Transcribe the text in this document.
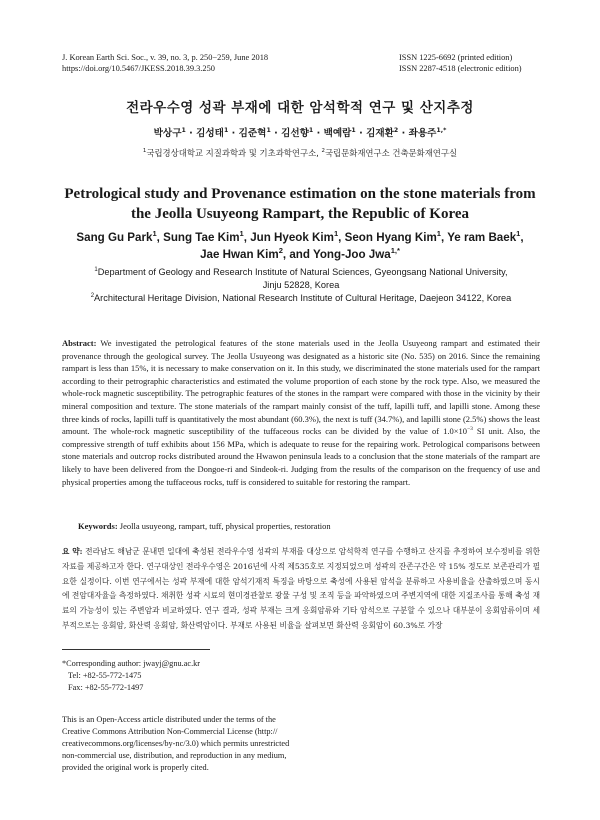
J. Korean Earth Sci. Soc., v. 39, no. 3, p. 250−259, June 2018
https://doi.org/10.5467/JKESS.2018.39.3.250
ISSN 1225-6692 (printed edition)
ISSN 2287-4518 (electronic edition)
전라우수영 성곽 부재에 대한 암석학적 연구 및 산지추정
박상구$^1$ · 김성태$^1$ · 김준혁$^1$ · 김선향$^1$ · 백예람$^1$ · 김재환$^2$ · 좌용주$^{1,*}$
$^1$국립경상대학교 지질과학과 및 기초과학연구소, $^2$국립문화재연구소 건축문화재연구실
Petrological study and Provenance estimation on the stone materials from
the Jeolla Usuyeong Rampart, the Republic of Korea
Sang Gu Park$^1$, Sung Tae Kim$^1$, Jun Hyeok Kim$^1$, Seon Hyang Kim$^1$, Ye ram Baek$^1$,
Jae Hwan Kim$^2$, and Yong-Joo Jwa$^{1,*}$
$^1$Department of Geology and Research Institute of Natural Sciences, Gyeongsang National University,
Jinju 52828, Korea
$^2$Architectural Heritage Division, National Research Institute of Cultural Heritage, Daejeon 34122, Korea
Abstract: We investigated the petrological features of the stone materials used in the Jeolla Usuyeong rampart and estimated their provenance through the geological survey. The Jeolla Usuyeong was designated as a historic site (No. 535) on 2016. Since the remaining rampart is less than 15%, it is necessary to make conservation on it. In this study, we discriminated the stone materials used for the rampart according to their petrographic characteristics and estimated the volume proportion of each stone by the rock type. Also, we measured the whole-rock magnetic susceptibility. The petrographic features of the stones in the rampart were compared with those in the vicinity by their mineral composition and texture. The stone materials of the rampart mainly consist of the tuff, lapilli tuff, and lapilli stone. Among these three kinds of rocks, lapilli tuff is quantitatively the most abundant (60.3%), the next is tuff (34.7%), and lapilli stone (2.5%) shows the least amount. The whole-rock magnetic susceptibility of the tuffaceous rocks can be divided by the value of $1.0\times 10^{-3}$ SI unit. Also, the compressive strength of tuff exhibits about 156 MPa, which is adequate to reuse for the repairing work. Petrological comparisons between stone materials and outcrop rocks distributed around the Hwawon peninsula leads to a conclusion that the stone materials of the rampart are likely to have been delivered from the Dongoe-ri and Sindeok-ri. Judging from the results of the comparison on the frequency of use and physical properties among the tuffaceous rocks, tuff is considered to suitable for restoring the rampart.
Keywords: Jeolla usuyeong, rampart, tuff, physical properties, restoration
요 약: 전라남도 해남군 문내면 일대에 축성된 전라우수영 성곽의 부재를 대상으로 암석학적 연구를 수행하고 산지를 추정하여 보수정비를 위한 자료를 제공하고자 한다. 연구대상인 전라우수영은 2016년에 사적 제535호로 지정되었으며 성곽의 잔존구간은 약 15% 정도로 보존관리가 필요한 실정이다. 이번 연구에서는 성곽 부재에 대한 암석기재적 특징을 바탕으로 축성에 사용된 암석을 분류하고 사용비율을 산출하였으며 동시에 전암대자율을 측정하였다. 채취한 성곽 시료의 현미경관찰로 광물 구성 및 조직 등을 파악하였으며 주변지역에 대한 지질조사를 통해 축성 재료의 가능성이 있는 주변암과 비교하였다. 연구 결과, 성곽 부재는 크게 응회암류와 기타 암석으로 구분할 수 있으나 대부분이 응회암류이며 세부적으로는 응회암, 화산력 응회암, 화산력암이다. 부재로 사용된 비율을 살펴보면 화산력 응회암이 60.3%로 가장
*Corresponding author: jwayj@gnu.ac.kr
Tel: +82-55-772-1475
Fax: +82-55-772-1497
This is an Open-Access article distributed under the terms of the
Creative Commons Attribution Non-Commercial License (http://
creativecommons.org/licenses/by-nc/3.0) which permits unrestricted
non-commercial use, distribution, and reproduction in any medium,
provided the original work is properly cited.
